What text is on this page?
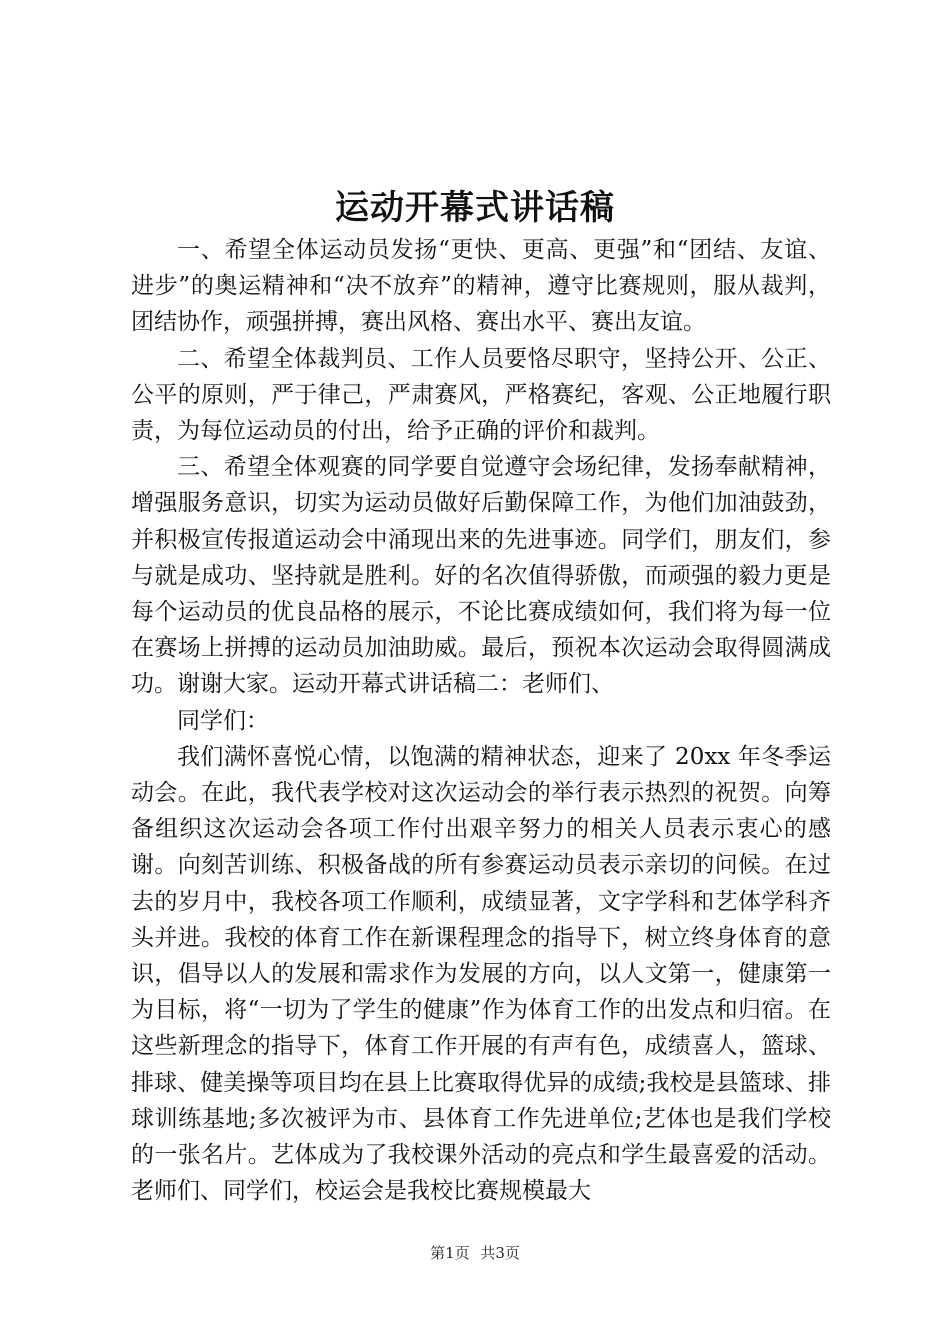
运动开幕式讲话稿

一、希望全体运动员发扬“更快、更高、更强”和“团结、友谊、进步”的奥运精神和“决不放弃”的精神，遵守比赛规则，服从裁判，团结协作，顽强拼搏，赛出风格、赛出水平、赛出友谊。

二、希望全体裁判员、工作人员要恪尽职守，坚持公开、公正、公平的原则，严于律己，严肃赛风，严格赛纪，客观、公正地履行职责，为每位运动员的付出，给予正确的评价和裁判。

三、希望全体观赛的同学要自觉遵守会场纪律，发扬奉献精神，增强服务意识，切实为运动员做好后勤保障工作，为他们加油鼓劲，并积极宣传报道运动会中涌现出来的先进事迹。同学们，朋友们，参与就是成功、坚持就是胜利。好的名次值得骄傲，而顽强的毅力更是每个运动员的优良品格的展示，不论比赛成绩如何，我们将为每一位在赛场上拼搏的运动员加油助威。最后，预祝本次运动会取得圆满成功。谢谢大家。运动开幕式讲话稿二：老师们、

同学们：

我们满怀喜悦心情，以饱满的精神状态，迎来了 20xx 年冬季运动会。在此，我代表学校对这次运动会的举行表示热烈的祝贺。向筹备组织这次运动会各项工作付出艰辛努力的相关人员表示衷心的感谢。向刻苦训练、积极备战的所有参赛运动员表示亲切的问候。在过去的岁月中，我校各项工作顺利，成绩显著，文字学科和艺体学科齐头并进。我校的体育工作在新课程理念的指导下，树立终身体育的意识，倡导以人的发展和需求作为发展的方向，以人文第一，健康第一为目标，将“一切为了学生的健康”作为体育工作的出发点和归宿。在这些新理念的指导下，体育工作开展的有声有色，成绩喜人，篮球、排球、健美操等项目均在县上比赛取得优异的成绩;我校是县篮球、排球训练基地;多次被评为市、县体育工作先进单位;艺体也是我们学校的一张名片。艺体成为了我校课外活动的亮点和学生最喜爱的活动。老师们、同学们，校运会是我校比赛规模最大

第1页 共3页
